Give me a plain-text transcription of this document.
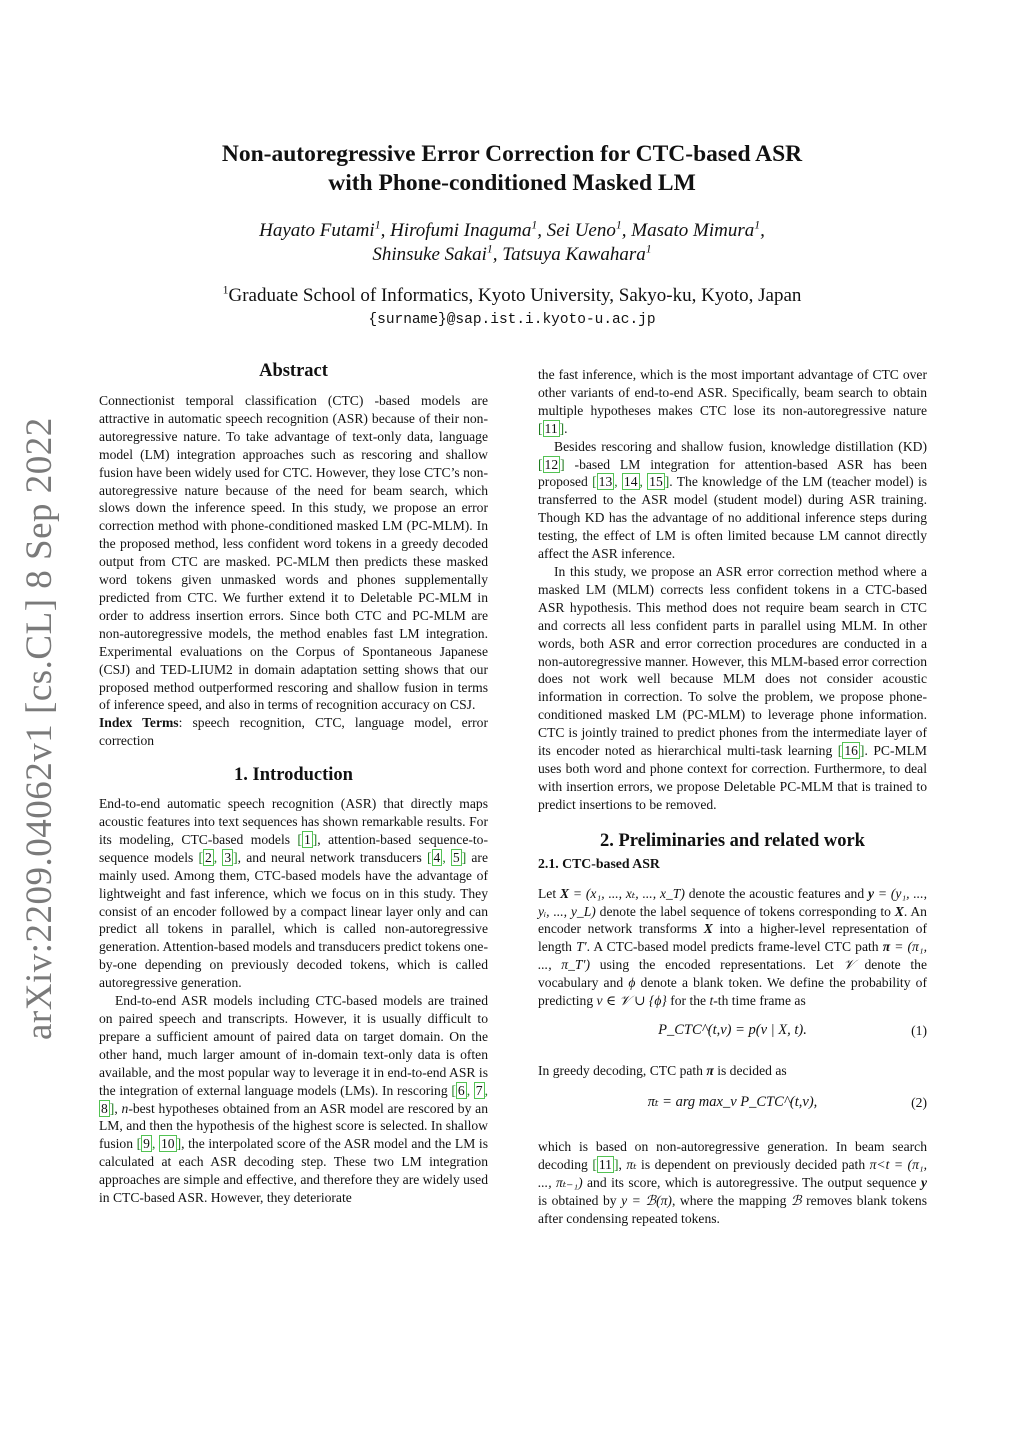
arXiv:2209.04062v1 [cs.CL] 8 Sep 2022
Non-autoregressive Error Correction for CTC-based ASR
with Phone-conditioned Masked LM
Hayato Futami$^1$, Hirofumi Inaguma$^1$, Sei Ueno$^1$, Masato Mimura$^1$,
Shinsuke Sakai$^1$, Tatsuya Kawahara$^1$
$^1$Graduate School of Informatics, Kyoto University, Sakyo-ku, Kyoto, Japan
{surname}@sap.ist.i.kyoto-u.ac.jp
Abstract

Connectionist temporal classification (CTC) -based models are attractive in automatic speech recognition (ASR) because of their non-autoregressive nature. To take advantage of text-only data, language model (LM) integration approaches such as rescoring and shallow fusion have been widely used for CTC. However, they lose CTC’s non-autoregressive nature because of the need for beam search, which slows down the inference speed. In this study, we propose an error correction method with phone-conditioned masked LM (PC-MLM). In the proposed method, less confident word tokens in a greedy decoded output from CTC are masked. PC-MLM then predicts these masked word tokens given unmasked words and phones supplementally predicted from CTC. We further extend it to Deletable PC-MLM in order to address insertion errors. Since both CTC and PC-MLM are non-autoregressive models, the method enables fast LM integration. Experimental evaluations on the Corpus of Spontaneous Japanese (CSJ) and TED-LIUM2 in domain adaptation setting shows that our proposed method outperformed rescoring and shallow fusion in terms of inference speed, and also in terms of recognition accuracy on CSJ.

Index Terms: speech recognition, CTC, language model, error correction

1. Introduction

End-to-end automatic speech recognition (ASR) that directly maps acoustic features into text sequences has shown remarkable results. For its modeling, CTC-based models [ 1 ], attention-based sequence-to-sequence models [ 2 , 3 ], and neural network transducers [ 4 , 5 ] are mainly used. Among them, CTC-based models have the advantage of lightweight and fast inference, which we focus on in this study. They consist of an encoder followed by a compact linear layer only and can predict all tokens in parallel, which is called non-autoregressive generation. Attention-based models and transducers predict tokens one-by-one depending on previously decoded tokens, which is called autoregressive generation.

End-to-end ASR models including CTC-based models are trained on paired speech and transcripts. However, it is usually difficult to prepare a sufficient amount of paired data on target domain. On the other hand, much larger amount of in-domain text-only data is often available, and the most popular way to leverage it in end-to-end ASR is the integration of external language models (LMs). In rescoring [ 6 , 7 , 8 ], n-best hypotheses obtained from an ASR model are rescored by an LM, and then the hypothesis of the highest score is selected. In shallow fusion [ 9 , 10 ], the interpolated score of the ASR model and the LM is calculated at each ASR decoding step. These two LM integration approaches are simple and effective, and therefore they are widely used in CTC-based ASR. However, they deteriorate

the fast inference, which is the most important advantage of CTC over other variants of end-to-end ASR. Specifically, beam search to obtain multiple hypotheses makes CTC lose its non-autoregressive nature [ 11 ].

Besides rescoring and shallow fusion, knowledge distillation (KD) [ 12 ] -based LM integration for attention-based ASR has been proposed [ 13 , 14 , 15 ]. The knowledge of the LM (teacher model) is transferred to the ASR model (student model) during ASR training. Though KD has the advantage of no additional inference steps during testing, the effect of LM is often limited because LM cannot directly affect the ASR inference.

In this study, we propose an ASR error correction method where a masked LM (MLM) corrects less confident tokens in a CTC-based ASR hypothesis. This method does not require beam search in CTC and corrects all less confident parts in parallel using MLM. In other words, both ASR and error correction procedures are conducted in a non-autoregressive manner. However, this MLM-based error correction does not work well because MLM does not consider acoustic information in correction. To solve the problem, we propose phone-conditioned masked LM (PC-MLM) to leverage phone information. CTC is jointly trained to predict phones from the intermediate layer of its encoder noted as hierarchical multi-task learning [ 16 ]. PC-MLM uses both word and phone context for correction. Furthermore, to deal with insertion errors, we propose Deletable PC-MLM that is trained to predict insertions to be removed.

2. Preliminaries and related work
2.1. CTC-based ASR

Let X = (x₁, ..., xₜ, ..., x_T) denote the acoustic features and y = (y₁, ..., yᵢ, ..., y_L) denote the label sequence of tokens corresponding to X. An encoder network transforms X into a higher-level representation of length T′. A CTC-based model predicts frame-level CTC path π = (π₁, ..., π_T′) using the encoded representations. Let 𝒱 denote the vocabulary and ϕ denote a blank token. We define the probability of predicting v ∈ 𝒱 ∪ {ϕ} for the t-th time frame as

P_CTC^(t,v) = p(v | X, t).	(1)

In greedy decoding, CTC path π is decided as

πₜ = arg max_v P_CTC^(t,v),	(2)

which is based on non-autoregressive generation. In beam search decoding [ 11 ], πₜ is dependent on previously decided path π<t = (π₁, ..., πₜ₋₁) and its score, which is autoregressive. The output sequence y is obtained by y = ℬ(π), where the mapping ℬ removes blank tokens after condensing repeated tokens.
